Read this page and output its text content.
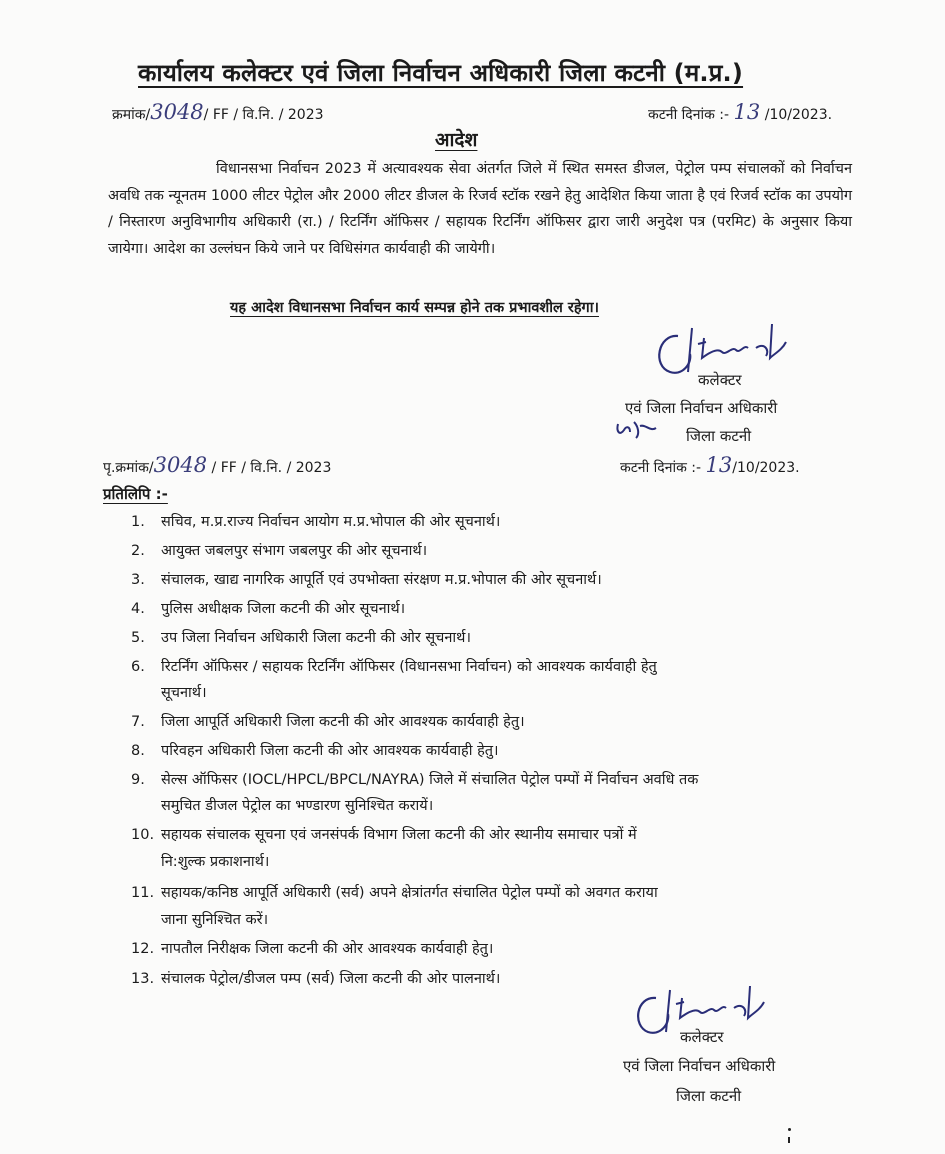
कार्यालय कलेक्टर एवं जिला निर्वाचन अधिकारी जिला कटनी (म.प्र.)
क्रमांक/3048/ FF / वि.नि. / 2023	कटनी दिनांक :- 13 /10/2023.
आदेश
विधानसभा निर्वाचन 2023 में अत्यावश्यक सेवा अंतर्गत जिले में स्थित समस्त डीजल, पेट्रोल पम्प संचालकों को निर्वाचन अवधि तक न्यूनतम 1000 लीटर पेट्रोल और 2000 लीटर डीजल के रिजर्व स्टॉक रखने हेतु आदेशित किया जाता है एवं रिजर्व स्टॉक का उपयोग / निस्तारण अनुविभागीय अधिकारी (रा.) / रिटर्निंग ऑफिसर / सहायक रिटर्निंग ऑफिसर द्वारा जारी अनुदेश पत्र (परमिट) के अनुसार किया जायेगा। आदेश का उल्लंघन किये जाने पर विधिसंगत कार्यवाही की जायेगी।
यह आदेश विधानसभा निर्वाचन कार्य सम्पन्न होने तक प्रभावशील रहेगा।
कलेक्टर
एवं जिला निर्वाचन अधिकारी
जिला कटनी
पृ.क्रमांक/3048 / FF / वि.नि. / 2023	कटनी दिनांक :- 13/10/2023.
प्रतिलिपि :-
1. सचिव, म.प्र.राज्य निर्वाचन आयोग म.प्र.भोपाल की ओर सूचनार्थ।
2. आयुक्त जबलपुर संभाग जबलपुर की ओर सूचनार्थ।
3. संचालक, खाद्य नागरिक आपूर्ति एवं उपभोक्ता संरक्षण म.प्र.भोपाल की ओर सूचनार्थ।
4. पुलिस अधीक्षक जिला कटनी की ओर सूचनार्थ।
5. उप जिला निर्वाचन अधिकारी जिला कटनी की ओर सूचनार्थ।
6. रिटर्निंग ऑफिसर / सहायक रिटर्निंग ऑफिसर (विधानसभा निर्वाचन) को आवश्यक कार्यवाही हेतु
सूचनार्थ।
7. जिला आपूर्ति अधिकारी जिला कटनी की ओर आवश्यक कार्यवाही हेतु।
8. परिवहन अधिकारी जिला कटनी की ओर आवश्यक कार्यवाही हेतु।
9. सेल्स ऑफिसर (IOCL/HPCL/BPCL/NAYRA) जिले में संचालित पेट्रोल पम्पों में निर्वाचन अवधि तक
समुचित डीजल पेट्रोल का भण्डारण सुनिश्चित करायें।
10. सहायक संचालक सूचना एवं जनसंपर्क विभाग जिला कटनी की ओर स्थानीय समाचार पत्रों में
नि:शुल्क प्रकाशनार्थ।
11. सहायक/कनिष्ठ आपूर्ति अधिकारी (सर्व) अपने क्षेत्रांतर्गत संचालित पेट्रोल पम्पों को अवगत कराया
जाना सुनिश्चित करें।
12. नापतौल निरीक्षक जिला कटनी की ओर आवश्यक कार्यवाही हेतु।
13. संचालक पेट्रोल/डीजल पम्प (सर्व) जिला कटनी की ओर पालनार्थ।
कलेक्टर
एवं जिला निर्वाचन अधिकारी
जिला कटनी
